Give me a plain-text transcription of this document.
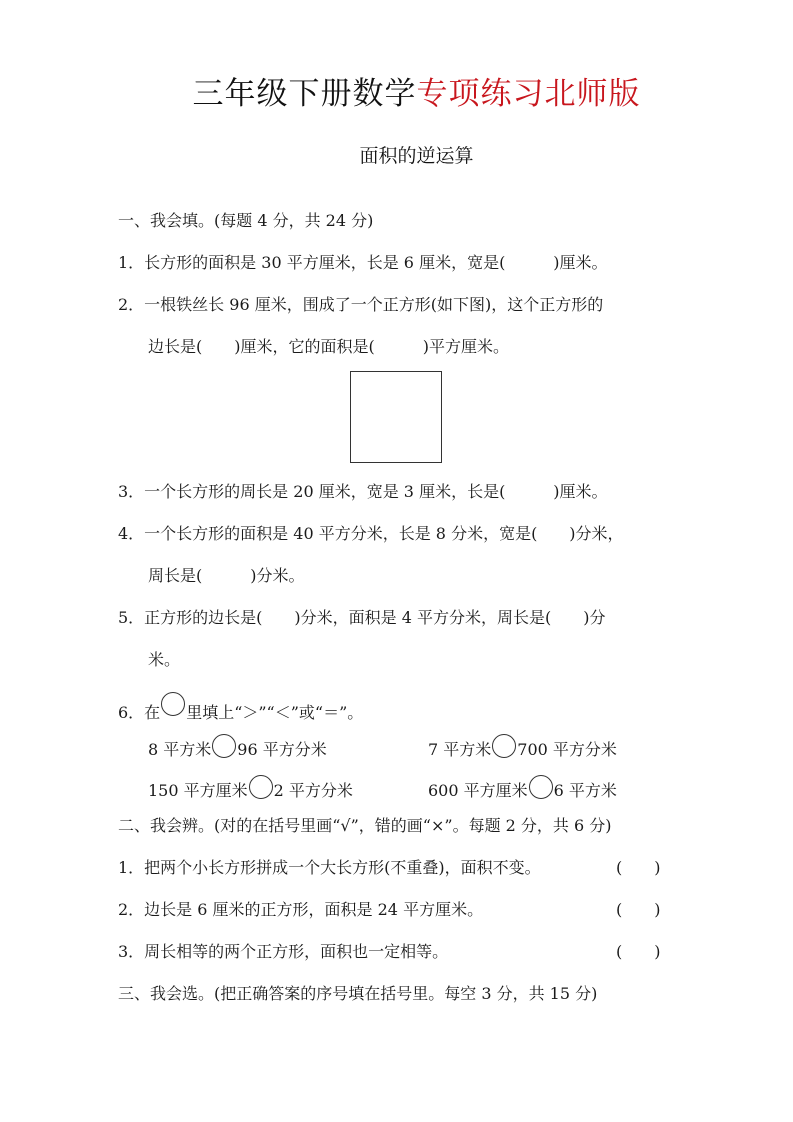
三年级下册数学专项练习北师版
面积的逆运算
一、我会填。(每题 4 分，共 24 分)
1．长方形的面积是 30 平方厘米，长是 6 厘米，宽是(　　　)厘米。
2．一根铁丝长 96 厘米，围成了一个正方形(如下图)，这个正方形的
边长是(　　)厘米，它的面积是(　　　)平方厘米。
3．一个长方形的周长是 20 厘米，宽是 3 厘米，长是(　　　)厘米。
4．一个长方形的面积是 40 平方分米，长是 8 分米，宽是(　　)分米，
周长是(　　　)分米。
5．正方形的边长是(　　)分米，面积是 4 平方分米，周长是(　　)分
米。
6．在 里填上“＞”“＜”或“＝”。
8 平方米 96 平方分米	7 平方米 700 平方分米
150 平方厘米 2 平方分米	600 平方厘米 6 平方米
二、我会辨。(对的在括号里画“√”，错的画“×”。每题 2 分，共 6 分)
1．把两个小长方形拼成一个大长方形(不重叠)，面积不变。	(　　)
2．边长是 6 厘米的正方形，面积是 24 平方厘米。	(　　)
3．周长相等的两个正方形，面积也一定相等。	(　　)
三、我会选。(把正确答案的序号填在括号里。每空 3 分，共 15 分)
